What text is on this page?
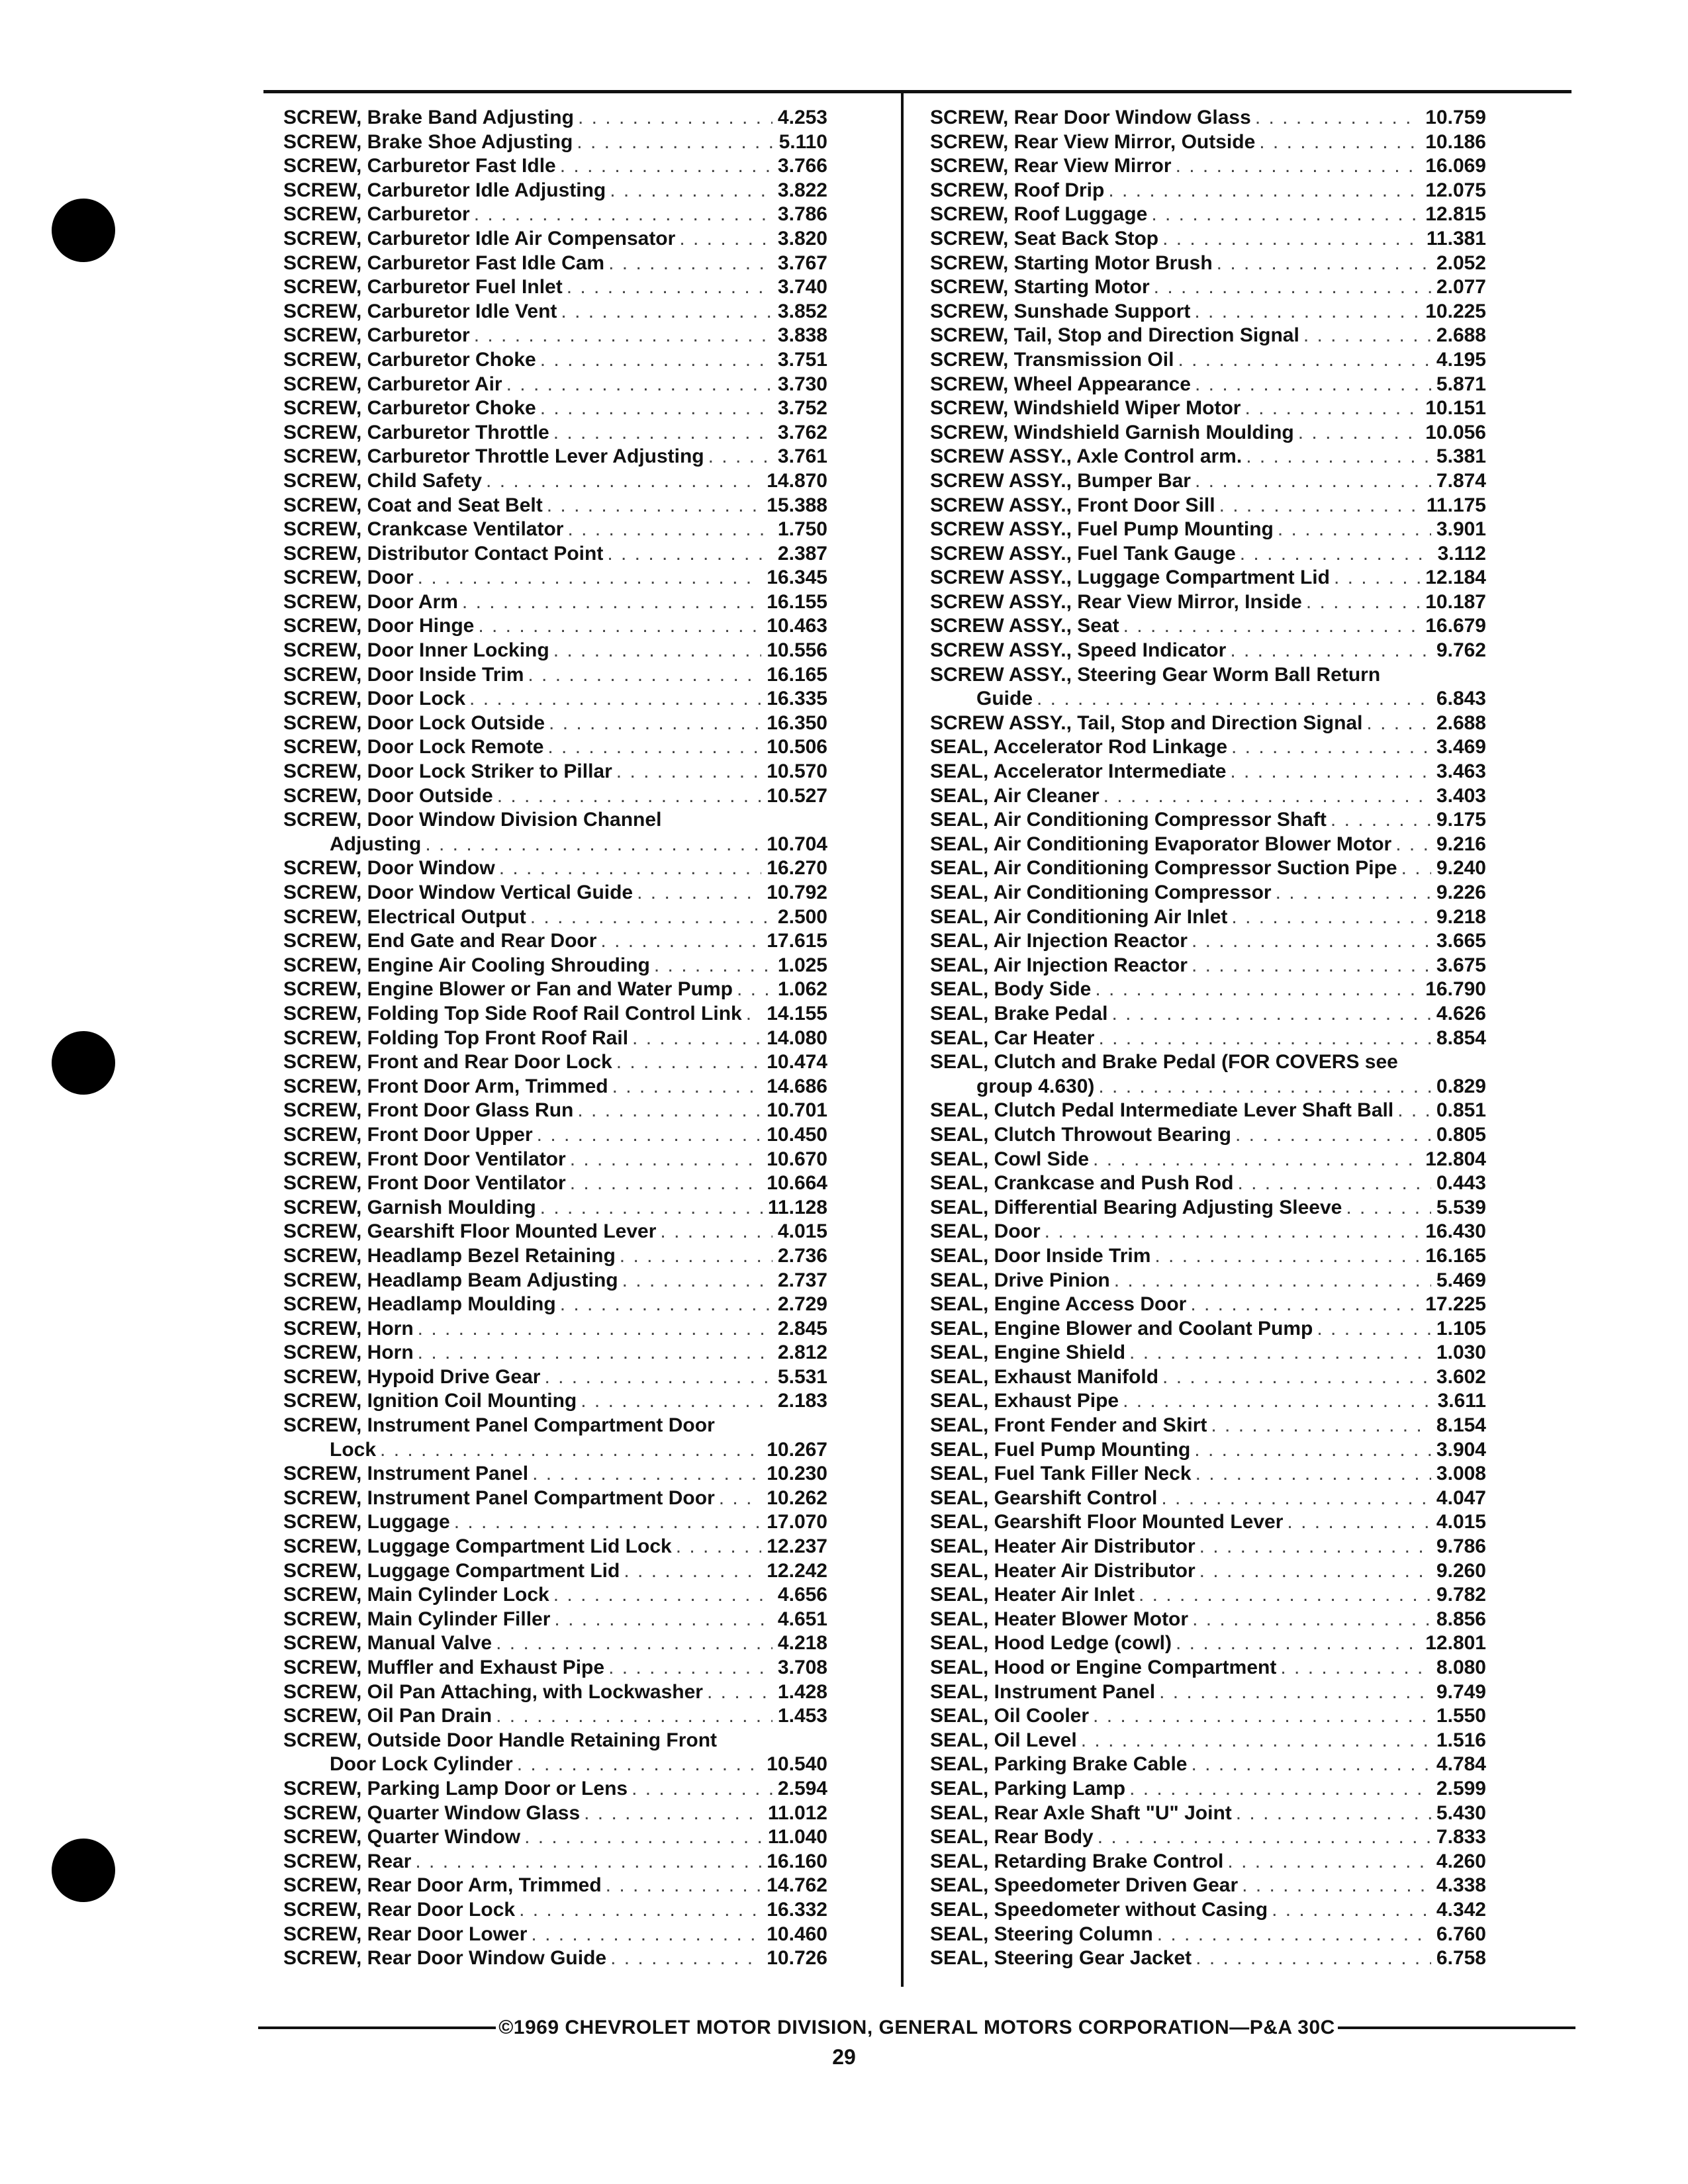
SCREW, Brake Band Adjusting . . .	4.253
SCREW, Brake Shoe Adjusting . . .	5.110
SCREW, Carburetor Fast Idle . . .	3.766
SCREW, Carburetor Idle Adjusting . . .	3.822
SCREW, Carburetor . . .	3.786
SCREW, Carburetor Idle Air Compensator . . .	3.820
SCREW, Carburetor Fast Idle Cam . . .	3.767
SCREW, Carburetor Fuel Inlet . . .	3.740
SCREW, Carburetor Idle Vent . . .	3.852
SCREW, Carburetor . . .	3.838
SCREW, Carburetor Choke . . .	3.751
SCREW, Carburetor Air . . .	3.730
SCREW, Carburetor Choke . . .	3.752
SCREW, Carburetor Throttle . . .	3.762
SCREW, Carburetor Throttle Lever Adjusting . . .	3.761
SCREW, Child Safety . . .	14.870
SCREW, Coat and Seat Belt . . .	15.388
SCREW, Crankcase Ventilator . . .	1.750
SCREW, Distributor Contact Point . . .	2.387
SCREW, Door . . .	16.345
SCREW, Door Arm . . .	16.155
SCREW, Door Hinge . . .	10.463
SCREW, Door Inner Locking . . .	10.556
SCREW, Door Inside Trim . . .	16.165
SCREW, Door Lock . . .	16.335
SCREW, Door Lock Outside . . .	16.350
SCREW, Door Lock Remote . . .	10.506
SCREW, Door Lock Striker to Pillar . . .	10.570
SCREW, Door Outside . . .	10.527
SCREW, Door Window Division Channel
Adjusting . . .	10.704
SCREW, Door Window . . .	16.270
SCREW, Door Window Vertical Guide . . .	10.792
SCREW, Electrical Output . . .	2.500
SCREW, End Gate and Rear Door . . .	17.615
SCREW, Engine Air Cooling Shrouding . . .	1.025
SCREW, Engine Blower or Fan and Water Pump . . . 1.062
SCREW, Folding Top Side Roof Rail Control Link . . . 14.155
SCREW, Folding Top Front Roof Rail . . .	14.080
SCREW, Front and Rear Door Lock . . .	10.474
SCREW, Front Door Arm, Trimmed . . .	14.686
SCREW, Front Door Glass Run . . .	10.701
SCREW, Front Door Upper . . .	10.450
SCREW, Front Door Ventilator . . .	10.670
SCREW, Front Door Ventilator . . .	10.664
SCREW, Garnish Moulding . . .	11.128
SCREW, Gearshift Floor Mounted Lever . . .	4.015
SCREW, Headlamp Bezel Retaining . . .	2.736
SCREW, Headlamp Beam Adjusting . . .	2.737
SCREW, Headlamp Moulding . . .	2.729
SCREW, Horn . . .	2.845
SCREW, Horn . . .	2.812
SCREW, Hypoid Drive Gear . . .	5.531
SCREW, Ignition Coil Mounting . . .	2.183
SCREW, Instrument Panel Compartment Door
Lock . . .	10.267
SCREW, Instrument Panel . . .	10.230
SCREW, Instrument Panel Compartment Door . . .	10.262
SCREW, Luggage . . .	17.070
SCREW, Luggage Compartment Lid Lock . . .	12.237
SCREW, Luggage Compartment Lid . . .	12.242
SCREW, Main Cylinder Lock . . .	4.656
SCREW, Main Cylinder Filler . . .	4.651
SCREW, Manual Valve . . .	4.218
SCREW, Muffler and Exhaust Pipe . . .	3.708
SCREW, Oil Pan Attaching, with Lockwasher . . .	1.428
SCREW, Oil Pan Drain . . .	1.453
SCREW, Outside Door Handle Retaining Front
Door Lock Cylinder . . .	10.540
SCREW, Parking Lamp Door or Lens . . .	2.594
SCREW, Quarter Window Glass . . .	11.012
SCREW, Quarter Window . . .	11.040
SCREW, Rear . . .	16.160
SCREW, Rear Door Arm, Trimmed . . .	14.762
SCREW, Rear Door Lock . . .	16.332
SCREW, Rear Door Lower . . .	10.460
SCREW, Rear Door Window Guide . . .	10.726
SCREW, Rear Door Window Glass . . .	10.759
SCREW, Rear View Mirror, Outside . . .	10.186
SCREW, Rear View Mirror . . .	16.069
SCREW, Roof Drip . . .	12.075
SCREW, Roof Luggage . . .	12.815
SCREW, Seat Back Stop . . .	11.381
SCREW, Starting Motor Brush . . .	2.052
SCREW, Starting Motor . . .	2.077
SCREW, Sunshade Support . . .	10.225
SCREW, Tail, Stop and Direction Signal . . .	2.688
SCREW, Transmission Oil . . .	4.195
SCREW, Wheel Appearance . . .	5.871
SCREW, Windshield Wiper Motor . . .	10.151
SCREW, Windshield Garnish Moulding . . .	10.056
SCREW ASSY., Axle Control arm. . . .	5.381
SCREW ASSY., Bumper Bar . . .	7.874
SCREW ASSY., Front Door Sill . . .	11.175
SCREW ASSY., Fuel Pump Mounting . . .	3.901
SCREW ASSY., Fuel Tank Gauge . . .	3.112
SCREW ASSY., Luggage Compartment Lid . . .	12.184
SCREW ASSY., Rear View Mirror, Inside . . .	10.187
SCREW ASSY., Seat . . .	16.679
SCREW ASSY., Speed Indicator . . .	9.762
SCREW ASSY., Steering Gear Worm Ball Return
Guide . . .	6.843
SCREW ASSY., Tail, Stop and Direction Signal . . .	2.688
SEAL, Accelerator Rod Linkage . . .	3.469
SEAL, Accelerator Intermediate . . .	3.463
SEAL, Air Cleaner . . .	3.403
SEAL, Air Conditioning Compressor Shaft . . .	9.175
SEAL, Air Conditioning Evaporator Blower Motor . . . 9.216
SEAL, Air Conditioning Compressor Suction Pipe . . . 9.240
SEAL, Air Conditioning Compressor . . .	9.226
SEAL, Air Conditioning Air Inlet . . .	9.218
SEAL, Air Injection Reactor . . .	3.665
SEAL, Air Injection Reactor . . .	3.675
SEAL, Body Side . . .	16.790
SEAL, Brake Pedal . . .	4.626
SEAL, Car Heater . . .	8.854
SEAL, Clutch and Brake Pedal (FOR COVERS see
group 4.630) . . .	0.829
SEAL, Clutch Pedal Intermediate Lever Shaft Ball . . . 0.851
SEAL, Clutch Throwout Bearing . . .	0.805
SEAL, Cowl Side . . .	12.804
SEAL, Crankcase and Push Rod . . .	0.443
SEAL, Differential Bearing Adjusting Sleeve . . .	5.539
SEAL, Door . . .	16.430
SEAL, Door Inside Trim . . .	16.165
SEAL, Drive Pinion . . .	5.469
SEAL, Engine Access Door . . .	17.225
SEAL, Engine Blower and Coolant Pump . . .	1.105
SEAL, Engine Shield . . .	1.030
SEAL, Exhaust Manifold . . .	3.602
SEAL, Exhaust Pipe . . .	3.611
SEAL, Front Fender and Skirt . . .	8.154
SEAL, Fuel Pump Mounting . . .	3.904
SEAL, Fuel Tank Filler Neck . . .	3.008
SEAL, Gearshift Control . . .	4.047
SEAL, Gearshift Floor Mounted Lever . . .	4.015
SEAL, Heater Air Distributor . . .	9.786
SEAL, Heater Air Distributor . . .	9.260
SEAL, Heater Air Inlet . . .	9.782
SEAL, Heater Blower Motor . . .	8.856
SEAL, Hood Ledge (cowl) . . .	12.801
SEAL, Hood or Engine Compartment . . .	8.080
SEAL, Instrument Panel . . .	9.749
SEAL, Oil Cooler . . .	1.550
SEAL, Oil Level . . .	1.516
SEAL, Parking Brake Cable . . .	4.784
SEAL, Parking Lamp . . .	2.599
SEAL, Rear Axle Shaft "U" Joint . . .	5.430
SEAL, Rear Body . . .	7.833
SEAL, Retarding Brake Control . . .	4.260
SEAL, Speedometer Driven Gear . . .	4.338
SEAL, Speedometer without Casing . . .	4.342
SEAL, Steering Column . . .	6.760
SEAL, Steering Gear Jacket . . .	6.758
©1969 CHEVROLET MOTOR DIVISION, GENERAL MOTORS CORPORATION—P&A 30C
29
